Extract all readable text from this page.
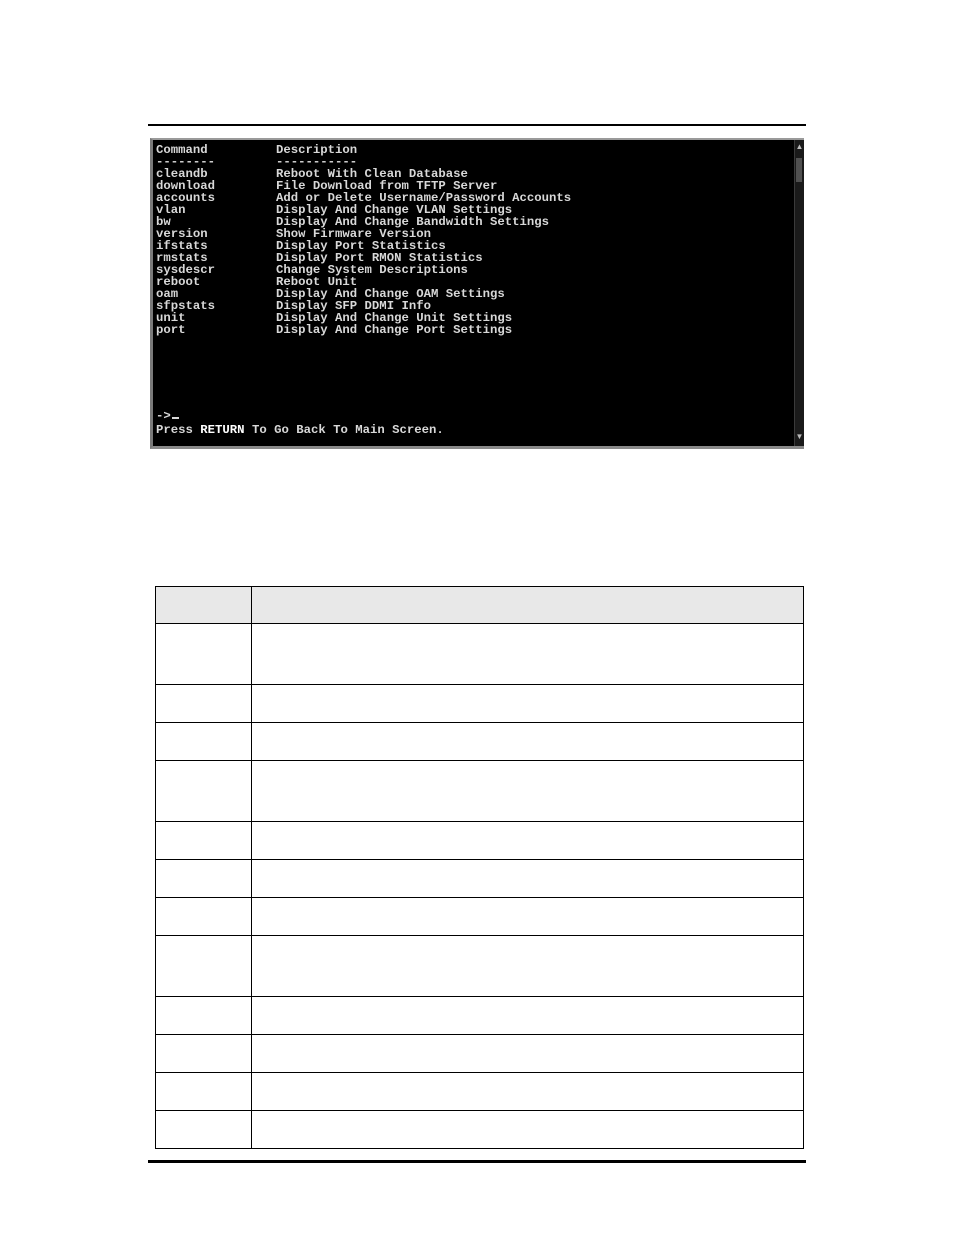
Command	Description
--------	-----------
cleandb	Reboot With Clean Database
download	File Download from TFTP Server
accounts	Add or Delete Username/Password Accounts
vlan	Display And Change VLAN Settings
bw	Display And Change Bandwidth Settings
version	Show Firmware Version
ifstats	Display Port Statistics
rmstats	Display Port RMON Statistics
sysdescr	Change System Descriptions
reboot	Reboot Unit
oam	Display And Change OAM Settings
sfpstats	Display SFP DDMI Info
unit	Display And Change Unit Settings
port	Display And Change Port Settings
->
Press RETURN To Go Back To Main Screen.
▲
▼
